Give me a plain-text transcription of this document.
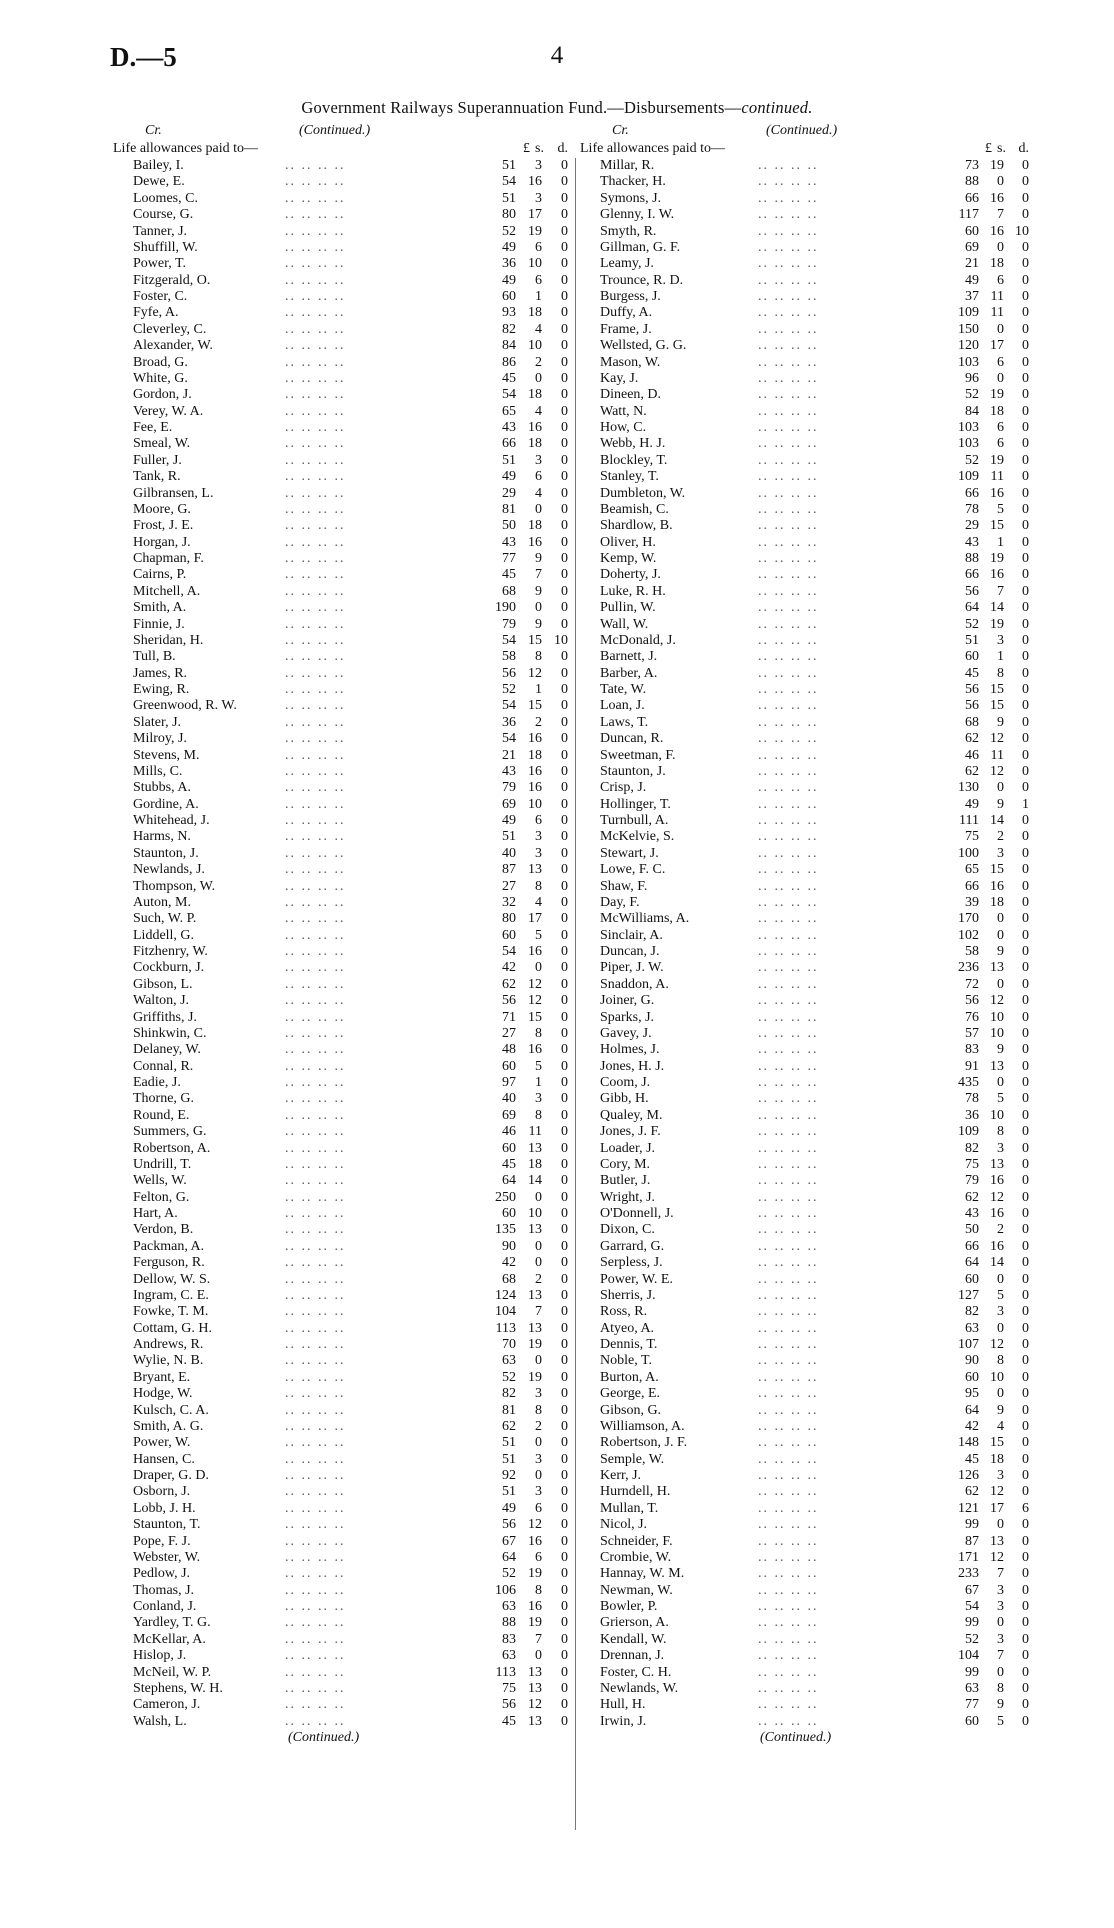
D.—5	4
Government Railways Superannuation Fund.—Disbursements—continued.
Cr.	(Continued.)
Life allowances paid to—	£ s. d.
Bailey, I.	51	3	0
.. .. .. ..
Dewe, E.	54 16	0
.. .. .. ..
Loomes, C.	51	3	0
.. .. .. ..
Course, G.	80 17	0
.. .. .. ..
Tanner, J.	52 19	0
.. .. .. ..
Shuffill, W.	49	6	0
.. .. .. ..
Power, T.	36 10	0
.. .. .. ..
Fitzgerald, O.	49	6	0
.. .. .. ..
Foster, C.	60	1	0
.. .. .. ..
Fyfe, A.	93 18	0
.. .. .. ..
Cleverley, C.	82	4	0
.. .. .. ..
Alexander, W.	84 10	0
.. .. .. ..
Broad, G.	86	2	0
.. .. .. ..
White, G.	45	0	0
.. .. .. ..
Gordon, J.	54 18	0
.. .. .. ..
Verey, W. A.	65	4	0
.. .. .. ..
Fee, E.	43 16	0
.. .. .. ..
Smeal, W.	66 18	0
.. .. .. ..
Fuller, J.	51	3	0
.. .. .. ..
Tank, R.	49	6	0
.. .. .. ..
Gilbransen, L.	29	4	0
.. .. .. ..
Moore, G.	81	0	0
.. .. .. ..
Frost, J. E.	50 18	0
.. .. .. ..
Horgan, J.	43 16	0
.. .. .. ..
Chapman, F.	77	9	0
.. .. .. ..
Cairns, P.	45	7	0
.. .. .. ..
Mitchell, A.	68	9	0
.. .. .. ..
Smith, A.	190	0	0
.. .. .. ..
Finnie, J.	79	9	0
.. .. .. ..
Sheridan, H.	54 15 10
.. .. .. ..
Tull, B.	58	8	0
.. .. .. ..
James, R.	56 12	0
.. .. .. ..
Ewing, R.	52	1	0
.. .. .. ..
Greenwood, R. W.	54 15	0
.. .. .. ..
Slater, J.	36	2	0
.. .. .. ..
Milroy, J.	54 16	0
.. .. .. ..
Stevens, M.	21 18	0
.. .. .. ..
Mills, C.	43 16	0
.. .. .. ..
Stubbs, A.	79 16	0
.. .. .. ..
Gordine, A.	69 10	0
.. .. .. ..
Whitehead, J.	49	6	0
.. .. .. ..
Harms, N.	51	3	0
.. .. .. ..
Staunton, J.	40	3	0
.. .. .. ..
Newlands, J.	87 13	0
.. .. .. ..
Thompson, W.	27	8	0
.. .. .. ..
Auton, M.	32	4	0
.. .. .. ..
Such, W. P.	80 17	0
.. .. .. ..
Liddell, G.	60	5	0
.. .. .. ..
Fitzhenry, W.	54 16	0
.. .. .. ..
Cockburn, J.	42	0	0
.. .. .. ..
Gibson, L.	62 12	0
.. .. .. ..
Walton, J.	56 12	0
.. .. .. ..
Griffiths, J.	71 15	0
.. .. .. ..
Shinkwin, C.	27	8	0
.. .. .. ..
Delaney, W.	48 16	0
.. .. .. ..
Connal, R.	60	5	0
.. .. .. ..
Eadie, J.	97	1	0
.. .. .. ..
Thorne, G.	40	3	0
.. .. .. ..
Round, E.	69	8	0
.. .. .. ..
Summers, G.	46 11	0
.. .. .. ..
Robertson, A.	60 13	0
.. .. .. ..
Undrill, T.	45 18	0
.. .. .. ..
Wells, W.	64 14	0
.. .. .. ..
Felton, G.	250	0	0
.. .. .. ..
Hart, A.	60 10	0
.. .. .. ..
Verdon, B.	135 13	0
.. .. .. ..
Packman, A.	90	0	0
.. .. .. ..
Ferguson, R.	42	0	0
.. .. .. ..
Dellow, W. S.	68	2	0
.. .. .. ..
Ingram, C. E.	124 13	0
.. .. .. ..
Fowke, T. M.	104	7	0
.. .. .. ..
Cottam, G. H.	113 13	0
.. .. .. ..
Andrews, R.	70 19	0
.. .. .. ..
Wylie, N. B.	63	0	0
.. .. .. ..
Bryant, E.	52 19	0
.. .. .. ..
Hodge, W.	82	3	0
.. .. .. ..
Kulsch, C. A.	81	8	0
.. .. .. ..
Smith, A. G.	62	2	0
.. .. .. ..
Power, W.	51	0	0
.. .. .. ..
Hansen, C.	51	3	0
.. .. .. ..
Draper, G. D.	92	0	0
.. .. .. ..
Osborn, J.	51	3	0
.. .. .. ..
Lobb, J. H.	49	6	0
.. .. .. ..
Staunton, T.	56 12	0
.. .. .. ..
Pope, F. J.	67 16	0
.. .. .. ..
Webster, W.	64	6	0
.. .. .. ..
Pedlow, J.	52 19	0
.. .. .. ..
Thomas, J.	106	8	0
.. .. .. ..
Conland, J.	63 16	0
.. .. .. ..
Yardley, T. G.	88 19	0
.. .. .. ..
McKellar, A.	83	7	0
.. .. .. ..
Hislop, J.	63	0	0
.. .. .. ..
McNeil, W. P.	113 13	0
.. .. .. ..
Stephens, W. H.	75 13	0
.. .. .. ..
Cameron, J.	56 12	0
.. .. .. ..
Walsh, L.	45 13	0
.. .. .. ..
(Continued.)
Cr.	(Continued.)
Life allowances paid to—	£ s. d.
Millar, R.	73 19	0
.. .. .. ..
Thacker, H.	88	0	0
.. .. .. ..
Symons, J.	66 16	0
.. .. .. ..
Glenny, I. W.	117	7	0
.. .. .. ..
Smyth, R.	60 16 10
.. .. .. ..
Gillman, G. F.	69	0	0
.. .. .. ..
Leamy, J.	21 18	0
.. .. .. ..
Trounce, R. D.	49	6	0
.. .. .. ..
Burgess, J.	37 11	0
.. .. .. ..
Duffy, A.	109 11	0
.. .. .. ..
Frame, J.	150	0	0
.. .. .. ..
Wellsted, G. G.	120 17	0
.. .. .. ..
Mason, W.	103	6	0
.. .. .. ..
Kay, J.	96	0	0
.. .. .. ..
Dineen, D.	52 19	0
.. .. .. ..
Watt, N.	84 18	0
.. .. .. ..
How, C.	103	6	0
.. .. .. ..
Webb, H. J.	103	6	0
.. .. .. ..
Blockley, T.	52 19	0
.. .. .. ..
Stanley, T.	109 11	0
.. .. .. ..
Dumbleton, W.	66 16	0
.. .. .. ..
Beamish, C.	78	5	0
.. .. .. ..
Shardlow, B.	29 15	0
.. .. .. ..
Oliver, H.	43	1	0
.. .. .. ..
Kemp, W.	88 19	0
.. .. .. ..
Doherty, J.	66 16	0
.. .. .. ..
Luke, R. H.	56	7	0
.. .. .. ..
Pullin, W.	64 14	0
.. .. .. ..
Wall, W.	52 19	0
.. .. .. ..
McDonald, J.	51	3	0
.. .. .. ..
Barnett, J.	60	1	0
.. .. .. ..
Barber, A.	45	8	0
.. .. .. ..
Tate, W.	56 15	0
.. .. .. ..
Loan, J.	56 15	0
.. .. .. ..
Laws, T.	68	9	0
.. .. .. ..
Duncan, R.	62 12	0
.. .. .. ..
Sweetman, F.	46 11	0
.. .. .. ..
Staunton, J.	62 12	0
.. .. .. ..
Crisp, J.	130	0	0
.. .. .. ..
Hollinger, T.	49	9	1
.. .. .. ..
Turnbull, A.	111 14	0
.. .. .. ..
McKelvie, S.	75	2	0
.. .. .. ..
Stewart, J.	100	3	0
.. .. .. ..
Lowe, F. C.	65 15	0
.. .. .. ..
Shaw, F.	66 16	0
.. .. .. ..
Day, F.	39 18	0
.. .. .. ..
McWilliams, A.	170	0	0
.. .. .. ..
Sinclair, A.	102	0	0
.. .. .. ..
Duncan, J.	58	9	0
.. .. .. ..
Piper, J. W.	236 13	0
.. .. .. ..
Snaddon, A.	72	0	0
.. .. .. ..
Joiner, G.	56 12	0
.. .. .. ..
Sparks, J.	76 10	0
.. .. .. ..
Gavey, J.	57 10	0
.. .. .. ..
Holmes, J.	83	9	0
.. .. .. ..
Jones, H. J.	91 13	0
.. .. .. ..
Coom, J.	435	0	0
.. .. .. ..
Gibb, H.	78	5	0
.. .. .. ..
Qualey, M.	36 10	0
.. .. .. ..
Jones, J. F.	109	8	0
.. .. .. ..
Loader, J.	82	3	0
.. .. .. ..
Cory, M.	75 13	0
.. .. .. ..
Butler, J.	79 16	0
.. .. .. ..
Wright, J.	62 12	0
.. .. .. ..
O'Donnell, J.	43 16	0
.. .. .. ..
Dixon, C.	50	2	0
.. .. .. ..
Garrard, G.	66 16	0
.. .. .. ..
Serpless, J.	64 14	0
.. .. .. ..
Power, W. E.	60	0	0
.. .. .. ..
Sherris, J.	127	5	0
.. .. .. ..
Ross, R.	82	3	0
.. .. .. ..
Atyeo, A.	63	0	0
.. .. .. ..
Dennis, T.	107 12	0
.. .. .. ..
Noble, T.	90	8	0
.. .. .. ..
Burton, A.	60 10	0
.. .. .. ..
George, E.	95	0	0
.. .. .. ..
Gibson, G.	64	9	0
.. .. .. ..
Williamson, A.	42	4	0
.. .. .. ..
Robertson, J. F.	148 15	0
.. .. .. ..
Semple, W.	45 18	0
.. .. .. ..
Kerr, J.	126	3	0
.. .. .. ..
Hurndell, H.	62 12	0
.. .. .. ..
Mullan, T.	121 17	6
.. .. .. ..
Nicol, J.	99	0	0
.. .. .. ..
Schneider, F.	87 13	0
.. .. .. ..
Crombie, W.	171 12	0
.. .. .. ..
Hannay, W. M.	233	7	0
.. .. .. ..
Newman, W.	67	3	0
.. .. .. ..
Bowler, P.	54	3	0
.. .. .. ..
Grierson, A.	99	0	0
.. .. .. ..
Kendall, W.	52	3	0
.. .. .. ..
Drennan, J.	104	7	0
.. .. .. ..
Foster, C. H.	99	0	0
.. .. .. ..
Newlands, W.	63	8	0
.. .. .. ..
Hull, H.	77	9	0
.. .. .. ..
Irwin, J.	60	5	0
.. .. .. ..
(Continued.)
